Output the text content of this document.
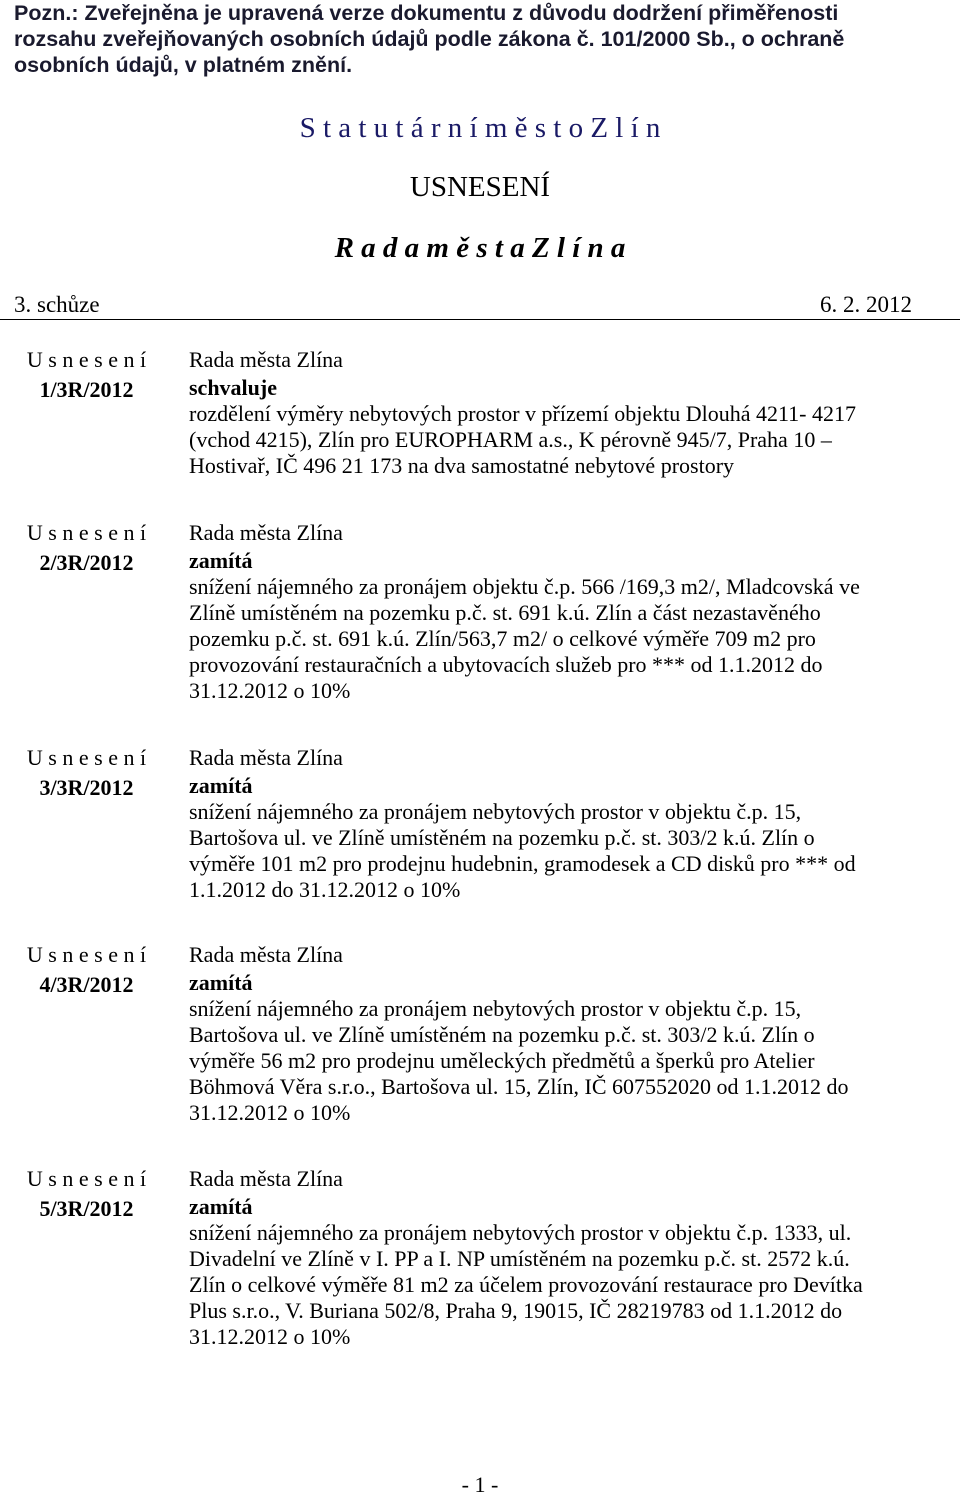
Pozn.: Zveřejněna je upravená verze dokumentu z důvodu dodržení přiměřenosti
rozsahu zveřejňovaných osobních údajů podle zákona č. 101/2000 Sb., o ochraně
osobních údajů, v platném znění.
S t a t u t á r n í m ě s t o Z l í n
USNESENÍ
R a d a m ě s t a Z l í n a
3. schůze	6. 2. 2012
U s n e s e n í
1/3R/2012
Rada města Zlína
schvaluje
rozdělení výměry nebytových prostor v přízemí objektu Dlouhá 4211- 4217
(vchod 4215), Zlín pro EUROPHARM a.s., K pérovně 945/7, Praha 10 –
Hostivař, IČ 496 21 173 na dva samostatné nebytové prostory
U s n e s e n í
2/3R/2012
Rada města Zlína
zamítá
snížení nájemného za pronájem objektu č.p. 566 /169,3 m2/, Mladcovská ve
Zlíně umístěném na pozemku p.č. st. 691 k.ú. Zlín a část nezastavěného
pozemku p.č. st. 691 k.ú. Zlín/563,7 m2/ o celkové výměře 709 m2 pro
provozování restauračních a ubytovacích služeb pro *** od 1.1.2012 do
31.12.2012 o 10%
U s n e s e n í
3/3R/2012
Rada města Zlína
zamítá
snížení nájemného za pronájem nebytových prostor v objektu č.p. 15,
Bartošova ul. ve Zlíně umístěném na pozemku p.č. st. 303/2 k.ú. Zlín o
výměře 101 m2 pro prodejnu hudebnin, gramodesek a CD disků pro *** od
1.1.2012 do 31.12.2012 o 10%
U s n e s e n í
4/3R/2012
Rada města Zlína
zamítá
snížení nájemného za pronájem nebytových prostor v objektu č.p. 15,
Bartošova ul. ve Zlíně umístěném na pozemku p.č. st. 303/2 k.ú. Zlín o
výměře 56 m2 pro prodejnu uměleckých předmětů a šperků pro Atelier
Böhmová Věra s.r.o., Bartošova ul. 15, Zlín, IČ 607552020 od 1.1.2012 do
31.12.2012 o 10%
U s n e s e n í
5/3R/2012
Rada města Zlína
zamítá
snížení nájemného za pronájem nebytových prostor v objektu č.p. 1333, ul.
Divadelní ve Zlíně v I. PP a I. NP umístěném na pozemku p.č. st. 2572 k.ú.
Zlín o celkové výměře 81 m2 za účelem provozování restaurace pro Devítka
Plus s.r.o., V. Buriana 502/8, Praha 9, 19015, IČ 28219783 od 1.1.2012 do
31.12.2012 o 10%
- 1 -
